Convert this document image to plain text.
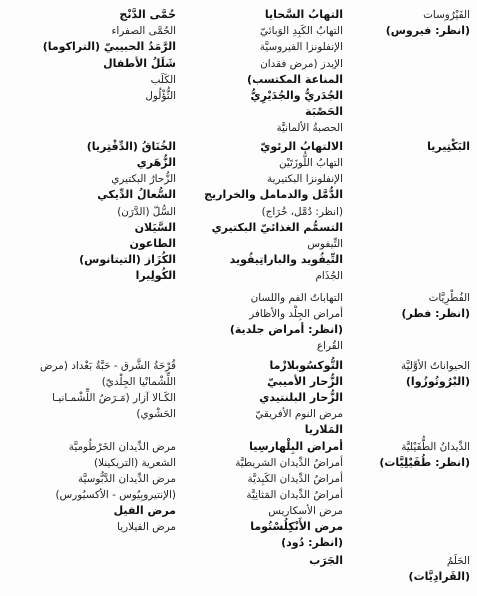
الفَيْرُوسات
التهابُ السَّحايا
حُمَّى الدَّنْج
(انظر: فيروس)
التهابُ الكَبِدِ الوَبائيّ
الحُمَّى الصفراء
الإنفلونزا الفيروسيَّة
الرَّمَدُ الحبيبيّ (التراكوما)
الإيدز (مرض فقدان
شَلَلُ الأطفال
المناعة المكتسب)
الكَلَب
الجُدَريُّ والجُدَيْرِيُّ
الثُّؤْلُول
الحَصْبَة
الحصبةُ الألمانيَّة
البَكْتِيريا
الالتهابُ الرئويّ
الخُنَاقُ (الدِّفْتِريا)
التهابُ اللُّوزَتَيْن
الزُّهَري
الإنفلونزا البكتيرية
الزُّحارُ البكتيري
الدُّمَّل والدمامل والخراريج
السُّعالُ الدِّيكي
(انظر: دُمَّل، خُرَاج)
السُّلّ (الدَّرَن)
التسمُّم الغذائيّ البكتيري
السَّيَلان
التِّيفوس
الطاعون
التِّيفُويد والباراتِيفُويد
الكُزَاز (التيتانوس)
الجُذَام
الكُولِيرا
الفُطْرِيَّات
التهاباتُ الفم واللسان
(انظر: فطر)
أمراض الجِلْد والأظافر
(انظر: أمراض جلدية)
القُراع
الحيواناتُ الأوَّليَّة
التُّوكسُوبلازْما
قُرْحَةُ الشَّرق - حَبَّةُ بَغْداد (مرض
(البْرُوتُوزُوا)
الزُّحار الأميبيّ
اللِّشْمانْيا الجِلْديّ)
الزُّحار البلنتيدي
الكَـالا آزار (مَـرَضُ اللِّشْمـانيـا
مرض النوم الأفريقيّ
الحَشْوي)
المَلاريا
الدِّيدانُ الطُّفَيْليَّة
أمراض البِلْهارسِيا
مرض الدِّيدان الخَرْطُوميَّة
(انظر: طُفَيْلِيَّات)
أمراضُ الدِّيدان الشريطيَّة
الشعرية (التريكينلا)
أمراضُ الدِّيدان الكَبِديَّة
مرض الدِّيدان الدَّبُّوسيَّة
أمراضُ الدِّيدان المَثانِيَّة
(الإنتيروبِيُوس - الأكسيُورس)
مرض الأسكاريس
مرض الفيل
مرض الأَنْكِلُسْتُوما
مرض الفيلاريا
(انظر: دُود)
الحَلَمُ
الجَرَب
(القَرادِيَّات)
